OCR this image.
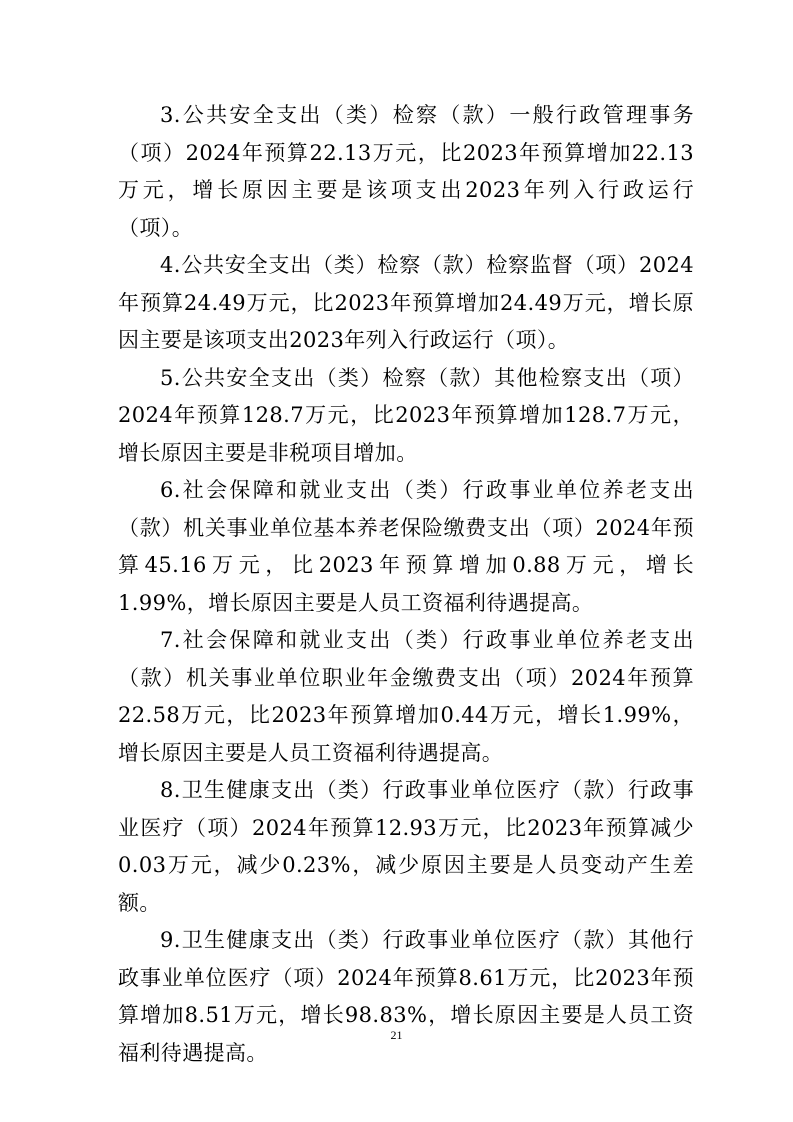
3.公共安全支出（类）检察（款）一般行政管理事务（项）2024年预算22.13万元，比2023年预算增加22.13万元，增长原因主要是该项支出2023年列入行政运行（项）。

4.公共安全支出（类）检察（款）检察监督（项）2024年预算24.49万元，比2023年预算增加24.49万元，增长原因主要是该项支出2023年列入行政运行（项）。

5.公共安全支出（类）检察（款）其他检察支出（项）2024年预算128.7万元，比2023年预算增加128.7万元，增长原因主要是非税项目增加。

6.社会保障和就业支出（类）行政事业单位养老支出（款）机关事业单位基本养老保险缴费支出（项）2024年预算45.16万元，比2023年预算增加0.88万元，增长1.99%，增长原因主要是人员工资福利待遇提高。

7.社会保障和就业支出（类）行政事业单位养老支出（款）机关事业单位职业年金缴费支出（项）2024年预算22.58万元，比2023年预算增加0.44万元，增长1.99%，增长原因主要是人员工资福利待遇提高。

8.卫生健康支出（类）行政事业单位医疗（款）行政事业医疗（项）2024年预算12.93万元，比2023年预算减少0.03万元，减少0.23%，减少原因主要是人员变动产生差额。

9.卫生健康支出（类）行政事业单位医疗（款）其他行政事业单位医疗（项）2024年预算8.61万元，比2023年预算增加8.51万元，增长98.83%，增长原因主要是人员工资福利待遇提高。

21
